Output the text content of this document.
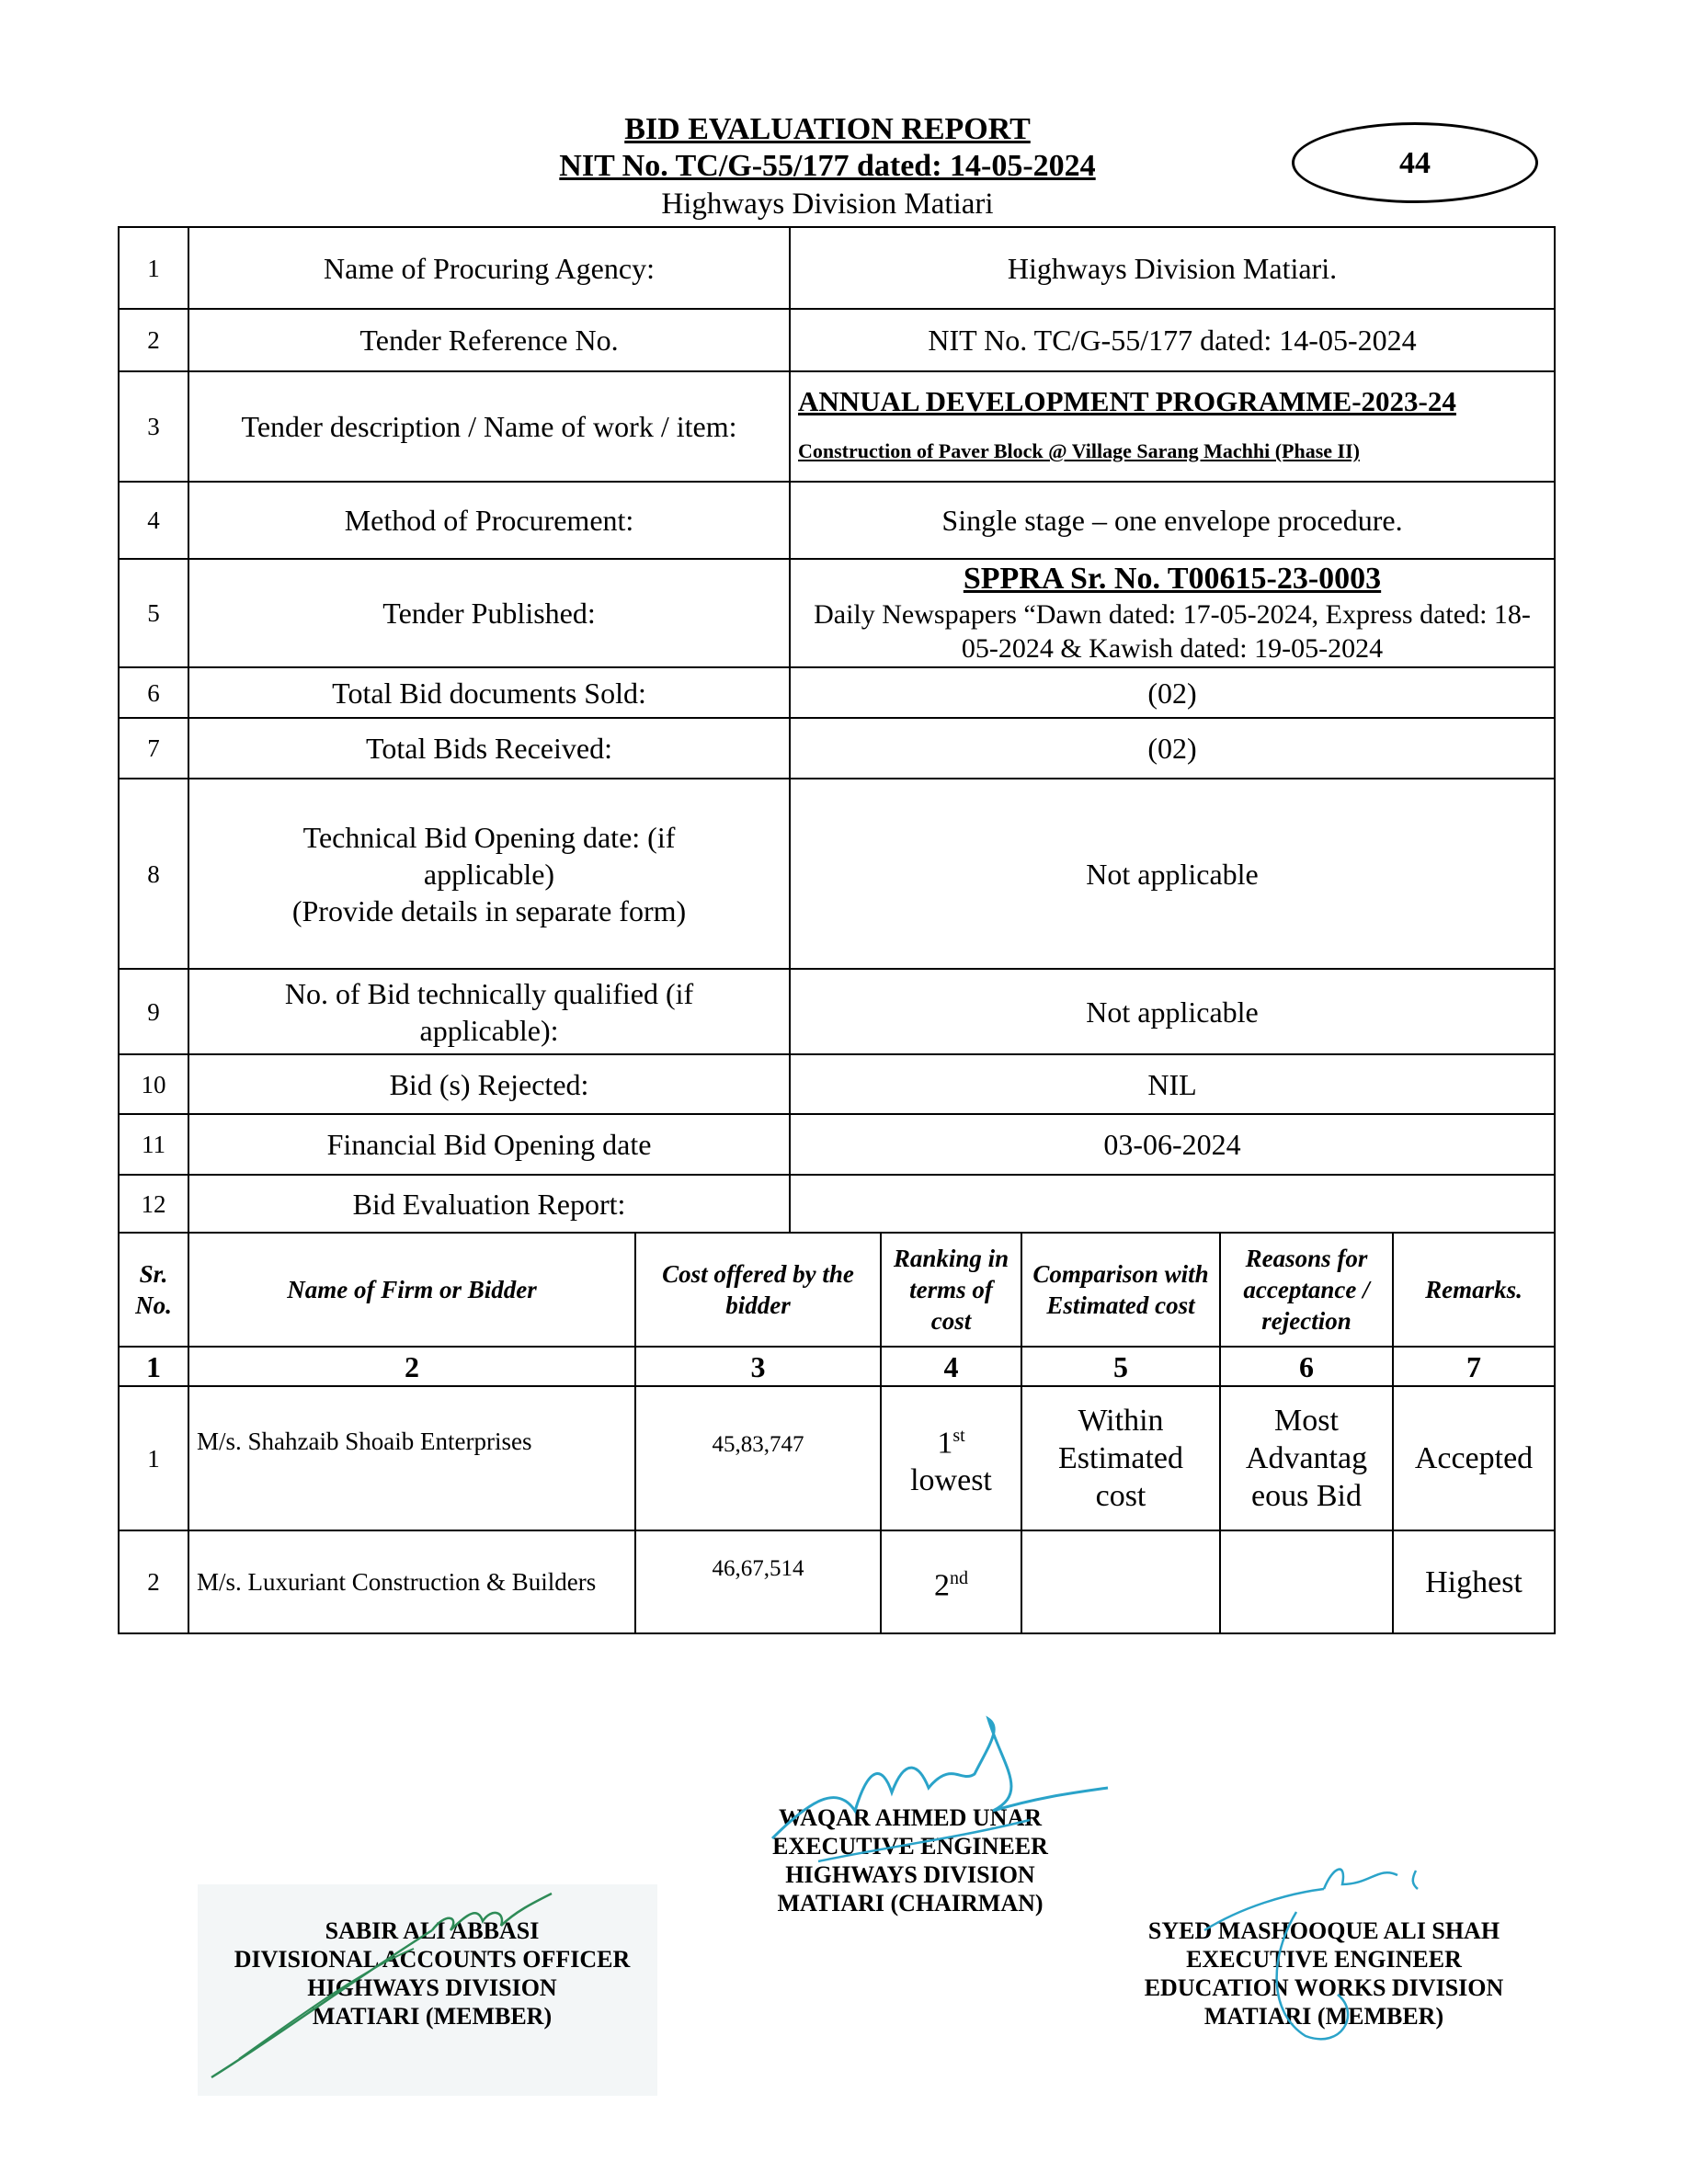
BID EVALUATION REPORT
NIT No. TC/G-55/177 dated: 14-05-2024
Highways Division Matiari
44
1	Name of Procuring Agency:	Highways Division Matiari.
2	Tender Reference No.	NIT No. TC/G-55/177 dated: 14-05-2024
3	Tender description / Name of work / item:	ANNUAL DEVELOPMENT PROGRAMME-2023-24
Construction of Paver Block @ Village Sarang Machhi (Phase II)

4	Method of Procurement:	Single stage – one envelope procedure.
5	Tender Published:	SPPRA Sr. No. T00615-23-0003
Daily Newspapers “Dawn dated: 17-05-2024, Express dated: 18-05-2024 & Kawish dated: 19-05-2024

6	Total Bid documents Sold:	(02)
7	Total Bids Received:	(02)
8	Technical Bid Opening date: (if applicable)
(Provide details in separate form)	Not applicable
9	No. of Bid technically qualified (if applicable):	Not applicable
10	Bid (s) Rejected:	NIL
11	Financial Bid Opening date	03-06-2024
12	Bid Evaluation Report:	
Sr. No.	Name of Firm or Bidder	Cost offered by the bidder	Ranking in terms of cost	Comparison with Estimated cost	Reasons for acceptance / rejection	Remarks.
1	2	3	4	5	6	7
1	M/s. Shahzaib Shoaib Enterprises	45,83,747	1st
lowest	Within Estimated cost	Most Advantag eous Bid	Accepted
2	M/s. Luxuriant Construction & Builders	46,67,514	2nd			Highest
WAQAR AHMED UNAR
EXECUTIVE ENGINEER
HIGHWAYS DIVISION
MATIARI (CHAIRMAN)
SABIR ALI ABBASI
DIVISIONAL ACCOUNTS OFFICER
HIGHWAYS DIVISION
MATIARI (MEMBER)
SYED MASHOOQUE ALI SHAH
EXECUTIVE ENGINEER
EDUCATION WORKS DIVISION
MATIARI (MEMBER)
